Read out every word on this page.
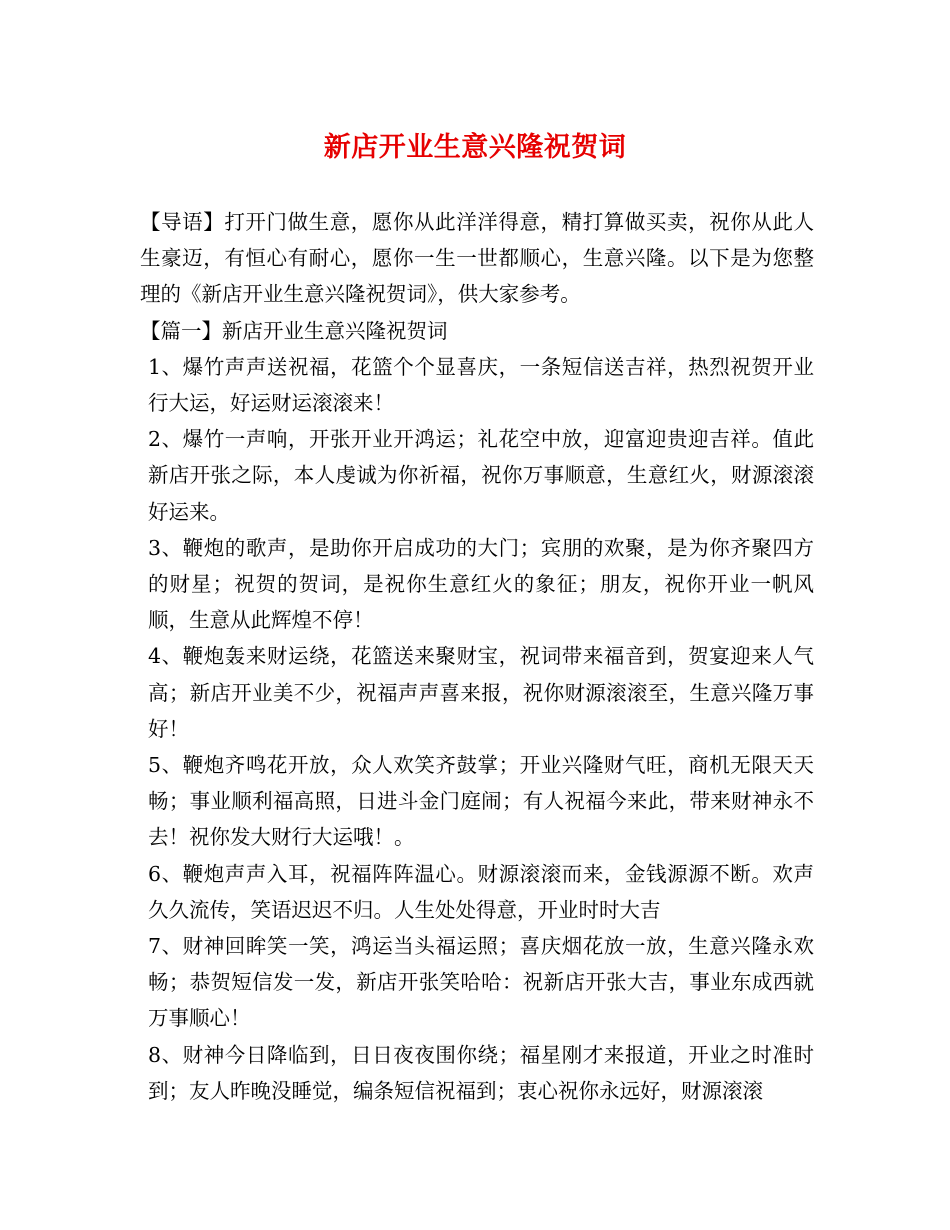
新店开业生意兴隆祝贺词

【导语】打开门做生意，愿你从此洋洋得意，精打算做买卖，祝你从此人生豪迈，有恒心有耐心，愿你一生一世都顺心，生意兴隆。以下是为您整理的《新店开业生意兴隆祝贺词》，供大家参考。

【篇一】新店开业生意兴隆祝贺词

1、爆竹声声送祝福，花篮个个显喜庆，一条短信送吉祥，热烈祝贺开业行大运，好运财运滚滚来！

2、爆竹一声响，开张开业开鸿运；礼花空中放，迎富迎贵迎吉祥。值此新店开张之际，本人虔诚为你祈福，祝你万事顺意，生意红火，财源滚滚好运来。

3、鞭炮的歌声，是助你开启成功的大门；宾朋的欢聚，是为你齐聚四方的财星；祝贺的贺词，是祝你生意红火的象征；朋友，祝你开业一帆风顺，生意从此辉煌不停！

4、鞭炮轰来财运绕，花篮送来聚财宝，祝词带来福音到，贺宴迎来人气高；新店开业美不少，祝福声声喜来报，祝你财源滚滚至，生意兴隆万事好！

5、鞭炮齐鸣花开放，众人欢笑齐鼓掌；开业兴隆财气旺，商机无限天天畅；事业顺利福高照，日进斗金门庭闹；有人祝福今来此，带来财神永不去！祝你发大财行大运哦！。

6、鞭炮声声入耳，祝福阵阵温心。财源滚滚而来，金钱源源不断。欢声久久流传，笑语迟迟不归。人生处处得意，开业时时大吉

7、财神回眸笑一笑，鸿运当头福运照；喜庆烟花放一放，生意兴隆永欢畅；恭贺短信发一发，新店开张笑哈哈：祝新店开张大吉，事业东成西就万事顺心！

8、财神今日降临到，日日夜夜围你绕；福星刚才来报道，开业之时准时到；友人昨晚没睡觉，编条短信祝福到；衷心祝你永远好，财源滚滚
